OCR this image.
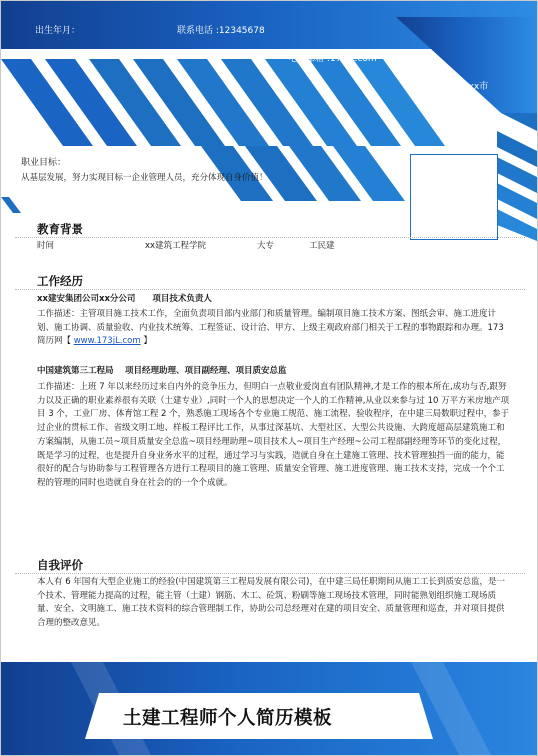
出生年月：	联系电话 :12345678
电子邮箱 :173jL.com
联系地址 :xx省xx市
职业目标：
从基层发展，努力实现目标一企业管理人员，充分体现自身价值！
教育背景
时间	xx建筑工程学院	大专	工民建
工作经历
xx建安集团公司xx分公司　　项目技术负责人

工作描述：主管项目施工技术工作，全面负责项目部内业部门和质量管理。编制项目施工技术方案、图纸会审、施工进度计划、施工协调、质量验收、内业技术统筹、工程签证、设计洽、甲方、上级主观政府部门相关于工程的事物跟踪和办理。173 简历网【 www.173jL.com 】

中国建筑第三工程局　 项目经理助理、项目副经理、项目质安总监

工作描述：上班 7 年以来经历过来自内外的竞争压力，但明白一点敬业爱岗直有团队精神,才是工作的根本所在,成功与否,跟努力以及正确的职业素养很有关联（土建专业）,同时一个人的思想决定一个人的工作精神,从业以来参与过 10 万平方米房地产项目 3 个，工业厂房、体育馆工程 2 个，熟悉施工现场各个专业施工规范、施工流程、验收程序，在中建三局数职过程中，参于过企业的贯标工作、省级文明工地、样板工程评比工作，从事过深基坑、大型社区、大型公共设施、大跨度超高层建筑施工和方案编制，从施工员~项目质量安全总监~项目经理助理~项目技术人~项目生产经理~公司工程部副经理等环节的变化过程，既是学习的过程，也是提升自身业务水平的过程，通过学习与实践，造就自身在土建施工管理、技术管理独挡一面的能力，能很好的配合与协助参与工程管理各方进行工程项目的施工管理、质量安全管理、施工进度管理、施工技术支持，完成一个个工程的管理的同时也造就自身在社会的的一个个成就。

自我评价

本人有 6 年国有大型企业施工的经验(中国建筑第三工程局发展有限公司)，在中建三局任职期间从施工工长到质安总监，是一个技术、管理能力提高的过程，能主管（土建）钢筋、木工、砼筑、粉刷等施工现场技术管理，同时能熟划组织施工现场质量、安全、文明施工、施工技术资料的综合管理制工作，协助公司总经理对在建的项目安全、质量管理和巡查，并对项目提供合理的整改意见。

土建工程师个人简历模板
